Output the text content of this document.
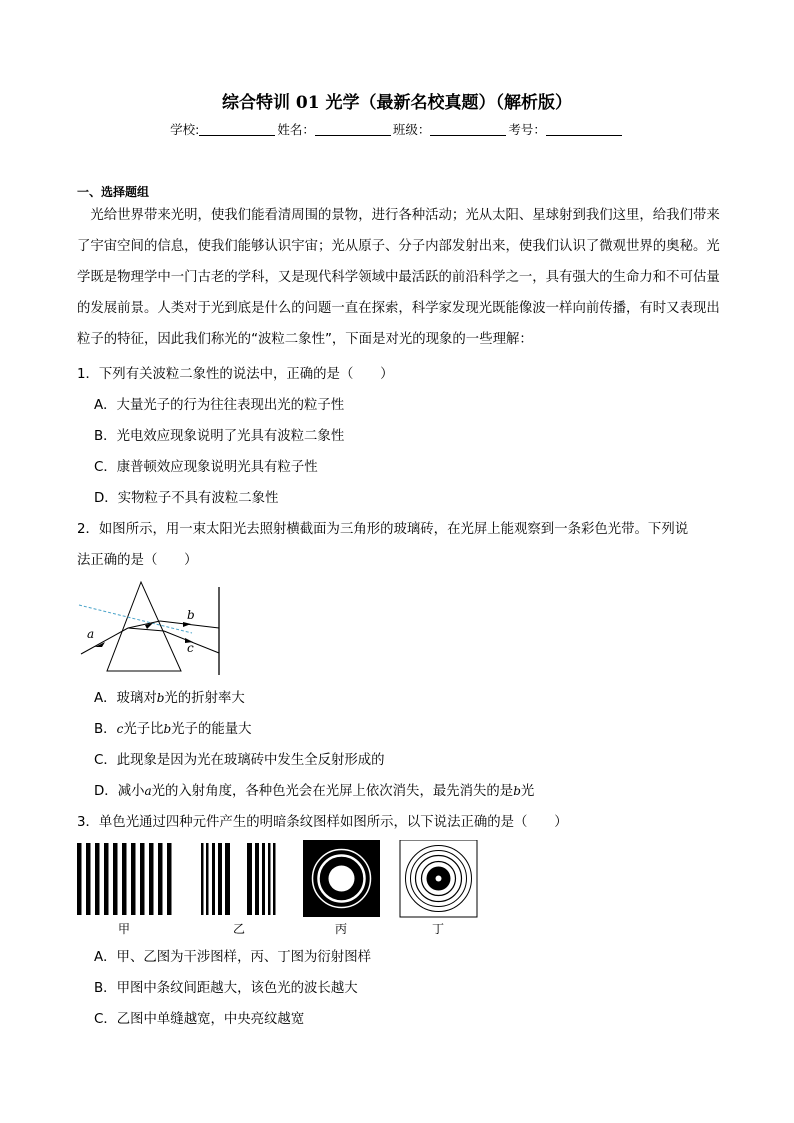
综合特训 01 光学（最新名校真题）（解析版）
学校:	姓名：	班级：	考号：
一、选择题组
光给世界带来光明，使我们能看清周围的景物，进行各种活动；光从太阳、星球射到我们这里，给我们带来了宇宙空间的信息，使我们能够认识宇宙；光从原子、分子内部发射出来，使我们认识了微观世界的奥秘。光学既是物理学中一门古老的学科，又是现代科学领域中最活跃的前沿科学之一，具有强大的生命力和不可估量的发展前景。人类对于光到底是什么的问题一直在探索，科学家发现光既能像波一样向前传播，有时又表现出粒子的特征，因此我们称光的“波粒二象性”，下面是对光的现象的一些理解：
1．下列有关波粒二象性的说法中，正确的是（　　）
A．大量光子的行为往往表现出光的粒子性
B．光电效应现象说明了光具有波粒二象性
C．康普顿效应现象说明光具有粒子性
D．实物粒子不具有波粒二象性
2．如图所示，用一束太阳光去照射横截面为三角形的玻璃砖，在光屏上能观察到一条彩色光带。下列说
法正确的是（　　）
a
b
c
A．玻璃对b光的折射率大
B．c光子比b光子的能量大
C．此现象是因为光在玻璃砖中发生全反射形成的
D．减小a光的入射角度，各种色光会在光屏上依次消失，最先消失的是b光
3．单色光通过四种元件产生的明暗条纹图样如图所示，以下说法正确的是（　　）
甲	乙	丙	丁
A．甲、乙图为干涉图样，丙、丁图为衍射图样
B．甲图中条纹间距越大，该色光的波长越大
C．乙图中单缝越宽，中央亮纹越宽
